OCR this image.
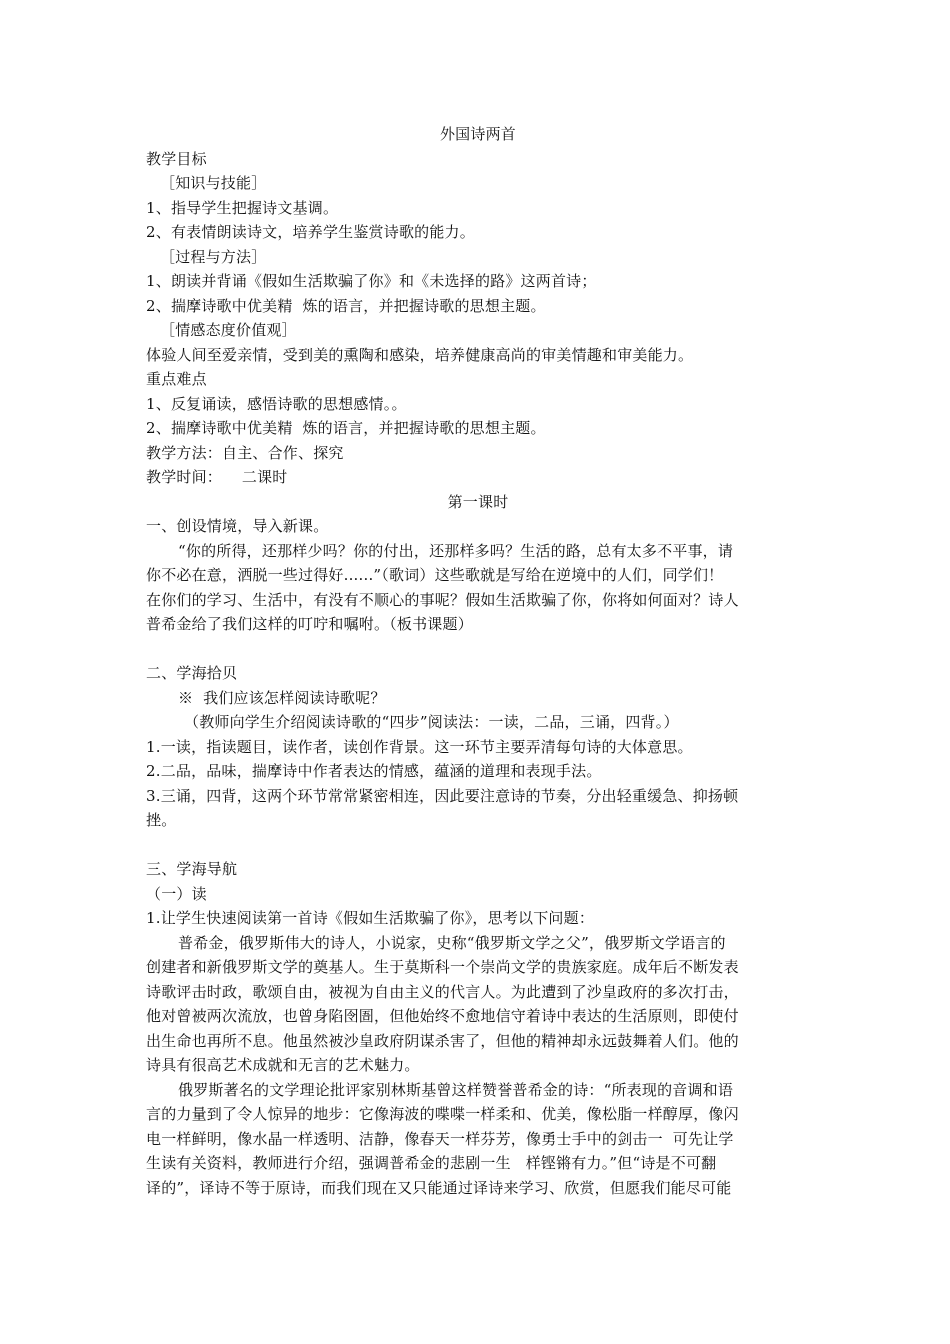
外国诗两首
教学目标
［知识与技能］
1、指导学生把握诗文基调。
2、有表情朗读诗文，培养学生鉴赏诗歌的能力。
［过程与方法］
1、朗读并背诵《假如生活欺骗了你》和《未选择的路》这两首诗；
2、揣摩诗歌中优美精  炼的语言，并把握诗歌的思想主题。
［情感态度价值观］
体验人间至爱亲情，受到美的熏陶和感染，培养健康高尚的审美情趣和审美能力。
重点难点
1、反复诵读，感悟诗歌的思想感情。。
2、揣摩诗歌中优美精  炼的语言，并把握诗歌的思想主题。
教学方法：自主、合作、探究
教学时间：    二课时
第一课时
一、创设情境，导入新课。
“你的所得，还那样少吗？你的付出，还那样多吗？生活的路，总有太多不平事，请
你不必在意，洒脱一些过得好......”（歌词）这些歌就是写给在逆境中的人们，同学们！
在你们的学习、生活中，有没有不顺心的事呢？假如生活欺骗了你，你将如何面对？诗人
普希金给了我们这样的叮咛和嘱咐。（板书课题）
二、学海拾贝
※  我们应该怎样阅读诗歌呢？
（教师向学生介绍阅读诗歌的“四步”阅读法：一读，二品，三诵，四背。）
1.一读，指读题目，读作者，读创作背景。这一环节主要弄清每句诗的大体意思。
2.二品，品味，揣摩诗中作者表达的情感，蕴涵的道理和表现手法。
3.三诵，四背，这两个环节常常紧密相连，因此要注意诗的节奏，分出轻重缓急、抑扬顿
挫。
三、学海导航
（一）读
1.让学生快速阅读第一首诗《假如生活欺骗了你》，思考以下问题：
普希金，俄罗斯伟大的诗人，小说家，史称“俄罗斯文学之父”，俄罗斯文学语言的
创建者和新俄罗斯文学的奠基人。生于莫斯科一个崇尚文学的贵族家庭。成年后不断发表
诗歌评击时政，歌颂自由，被视为自由主义的代言人。为此遭到了沙皇政府的多次打击，
他对曾被两次流放，也曾身陷囹圄，但他始终不愈地信守着诗中表达的生活原则，即使付
出生命也再所不息。他虽然被沙皇政府阴谋杀害了，但他的精神却永远鼓舞着人们。他的
诗具有很高艺术成就和无言的艺术魅力。
俄罗斯著名的文学理论批评家别林斯基曾这样赞誉普希金的诗：“所表现的音调和语
言的力量到了令人惊异的地步：它像海波的喋喋一样柔和、优美，像松脂一样醇厚，像闪
电一样鲜明，像水晶一样透明、洁静，像春天一样芬芳，像勇士手中的剑击一  可先让学
生读有关资料，教师进行介绍，强调普希金的悲剧一生   样铿锵有力。”但“诗是不可翻
译的”，译诗不等于原诗，而我们现在又只能通过译诗来学习、欣赏，但愿我们能尽可能
